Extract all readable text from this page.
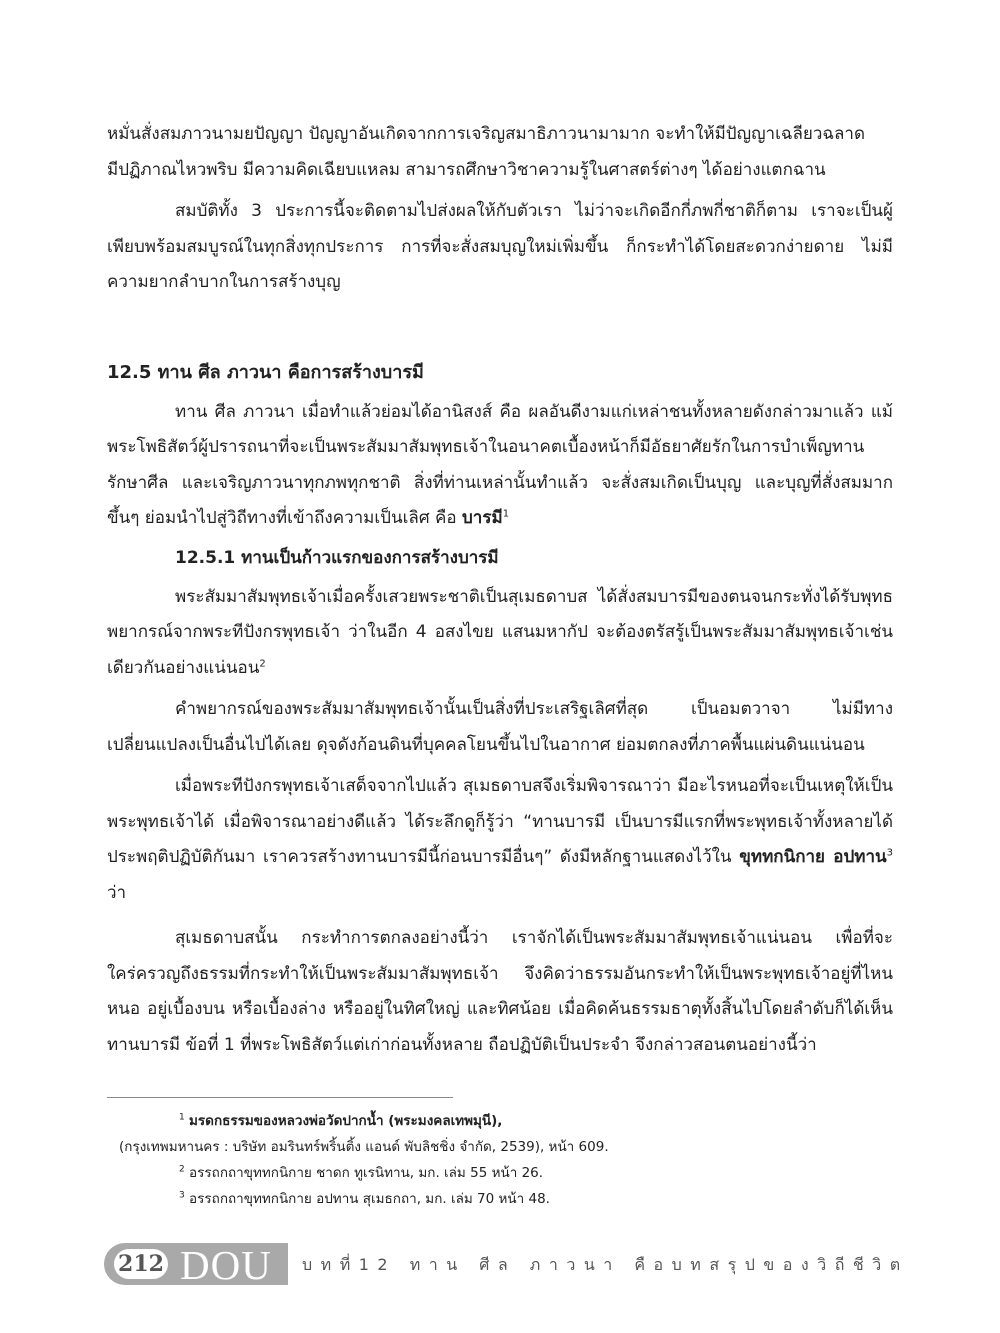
หมั่นสั่งสมภาวนามยปัญญา ปัญญาอันเกิดจากการเจริญสมาธิภาวนามามาก จะทำให้มีปัญญาเฉลียวฉลาด

มีปฏิภาณไหวพริบ มีความคิดเฉียบแหลม สามารถศึกษาวิชาความรู้ในศาสตร์ต่างๆ ได้อย่างแตกฉาน

สมบัติทั้ง 3 ประการนี้จะติดตามไปส่งผลให้กับตัวเรา ไม่ว่าจะเกิดอีกกี่ภพกี่ชาติก็ตาม เราจะเป็นผู้เพียบพร้อมสมบูรณ์ในทุกสิ่งทุกประการ การที่จะสั่งสมบุญใหม่เพิ่มขึ้น ก็กระทำได้โดยสะดวกง่ายดาย ไม่มีความยากลำบากในการสร้างบุญ

12.5 ทาน ศีล ภาวนา คือการสร้างบารมี

ทาน ศีล ภาวนา เมื่อทำแล้วย่อมได้อานิสงส์ คือ ผลอันดีงามแก่เหล่าชนทั้งหลายดังกล่าวมาแล้ว แม้พระโพธิสัตว์ผู้ปรารถนาที่จะเป็นพระสัมมาสัมพุทธเจ้าในอนาคตเบื้องหน้าก็มีอัธยาศัยรักในการบำเพ็ญทาน รักษาศีล และเจริญภาวนาทุกภพทุกชาติ สิ่งที่ท่านเหล่านั้นทำแล้ว จะสั่งสมเกิดเป็นบุญ และบุญที่สั่งสมมากขึ้นๆ ย่อมนำไปสู่วิถีทางที่เข้าถึงความเป็นเลิศ คือ บารมี$^1$

12.5.1 ทานเป็นก้าวแรกของการสร้างบารมี

พระสัมมาสัมพุทธเจ้าเมื่อครั้งเสวยพระชาติเป็นสุเมธดาบส ได้สั่งสมบารมีของตนจนกระทั่งได้รับพุทธพยากรณ์จากพระทีปังกรพุทธเจ้า ว่าในอีก 4 อสงไขย แสนมหากัป จะต้องตรัสรู้เป็นพระสัมมาสัมพุทธเจ้าเช่นเดียวกันอย่างแน่นอน$^2$

คำพยากรณ์ของพระสัมมาสัมพุทธเจ้านั้นเป็นสิ่งที่ประเสริฐเลิศที่สุด เป็นอมตวาจา ไม่มีทางเปลี่ยนแปลงเป็นอื่นไปได้เลย ดุจดังก้อนดินที่บุคคลโยนขึ้นไปในอากาศ ย่อมตกลงที่ภาคพื้นแผ่นดินแน่นอน

เมื่อพระทีปังกรพุทธเจ้าเสด็จจากไปแล้ว สุเมธดาบสจึงเริ่มพิจารณาว่า มีอะไรหนอที่จะเป็นเหตุให้เป็นพระพุทธเจ้าได้ เมื่อพิจารณาอย่างดีแล้ว ได้ระลึกดูก็รู้ว่า “ทานบารมี เป็นบารมีแรกที่พระพุทธเจ้าทั้งหลายได้ประพฤติปฏิบัติกันมา เราควรสร้างทานบารมีนี้ก่อนบารมีอื่นๆ” ดังมีหลักฐานแสดงไว้ใน ขุททกนิกาย อปทาน$^3$ ว่า

สุเมธดาบสนั้น กระทำการตกลงอย่างนี้ว่า เราจักได้เป็นพระสัมมาสัมพุทธเจ้าแน่นอน เพื่อที่จะใคร่ครวญถึงธรรมที่กระทำให้เป็นพระสัมมาสัมพุทธเจ้า จึงคิดว่าธรรมอันกระทำให้เป็นพระพุทธเจ้าอยู่ที่ไหนหนอ อยู่เบื้องบน หรือเบื้องล่าง หรืออยู่ในทิศใหญ่ และทิศน้อย เมื่อคิดค้นธรรมธาตุทั้งสิ้นไปโดยลำดับก็ได้เห็นทานบารมี ข้อที่ 1 ที่พระโพธิสัตว์แต่เก่าก่อนทั้งหลาย ถือปฏิบัติเป็นประจำ จึงกล่าวสอนตนอย่างนี้ว่า

$^1$ มรดกธรรมของหลวงพ่อวัดปากน้ำ (พระมงคลเทพมุนี),

(กรุงเทพมหานคร : บริษัท อมรินทร์พริ้นติ้ง แอนด์ พับลิชชิ่ง จำกัด, 2539), หน้า 609.

$^2$ อรรถกถาขุททกนิกาย ชาดก ทูเรนิทาน, มก. เล่ม 55 หน้า 26.

$^3$ อรรถกถาขุททกนิกาย อปทาน สุเมธกถา, มก. เล่ม 70 หน้า 48.

212 DOU	บทที่12 ทาน ศีล ภาวนา คือบทสรุปของวิถีชีวิต
